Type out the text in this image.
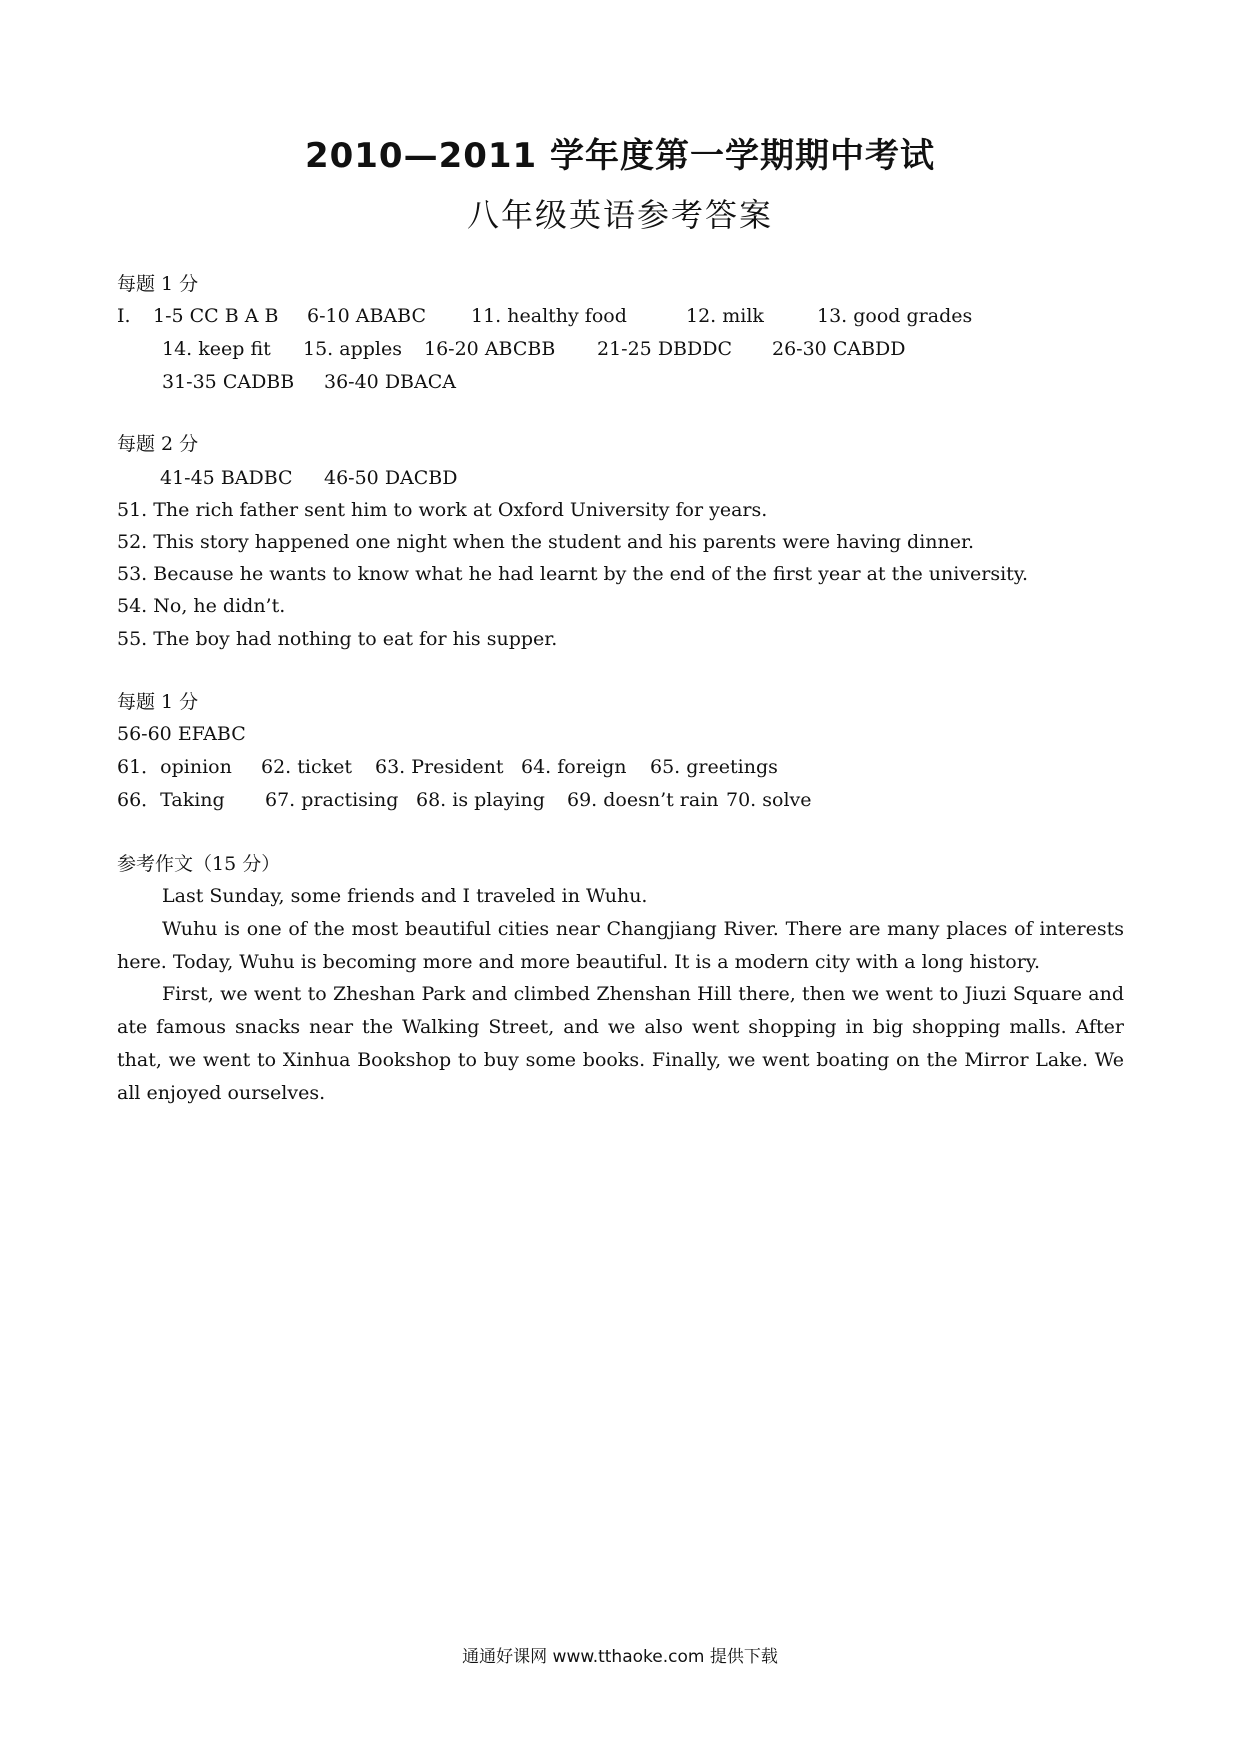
2010—2011 学年度第一学期期中考试
八年级英语参考答案
每题 1 分
I. 1-5 CC B A B 6-10 ABABC 11. healthy food	12. milk	13. good grades
14. keep fit 15. apples 16-20 ABCBB 21-25 DBDDC 26-30 CABDD
31-35 CADBB 36-40 DBACA
每题 2 分
41-45 BADBC 46-50 DACBD
51. The rich father sent him to work at Oxford University for years.
52. This story happened one night when the student and his parents were having dinner.
53. Because he wants to know what he had learnt by the end of the first year at the university.
54. No, he didn’t.
55. The boy had nothing to eat for his supper.
每题 1 分
56-60 EFABC
61．opinion 62. ticket 63. President 64. foreign 65. greetings
66．Taking 67. practising 68. is playing 69. doesn’t rain 70. solve
参考作文（15 分）

Last Sunday, some friends and I traveled in Wuhu.

Wuhu is one of the most beautiful cities near Changjiang River. There are many places of interests here. Today, Wuhu is becoming more and more beautiful. It is a modern city with a long history.

First, we went to Zheshan Park and climbed Zhenshan Hill there, then we went to Jiuzi Square and ate famous snacks near the Walking Street, and we also went shopping in big shopping malls. After that, we went to Xinhua Bookshop to buy some books. Finally, we went boating on the Mirror Lake. We all enjoyed ourselves.

通通好课网 www.tthaoke.com 提供下载
